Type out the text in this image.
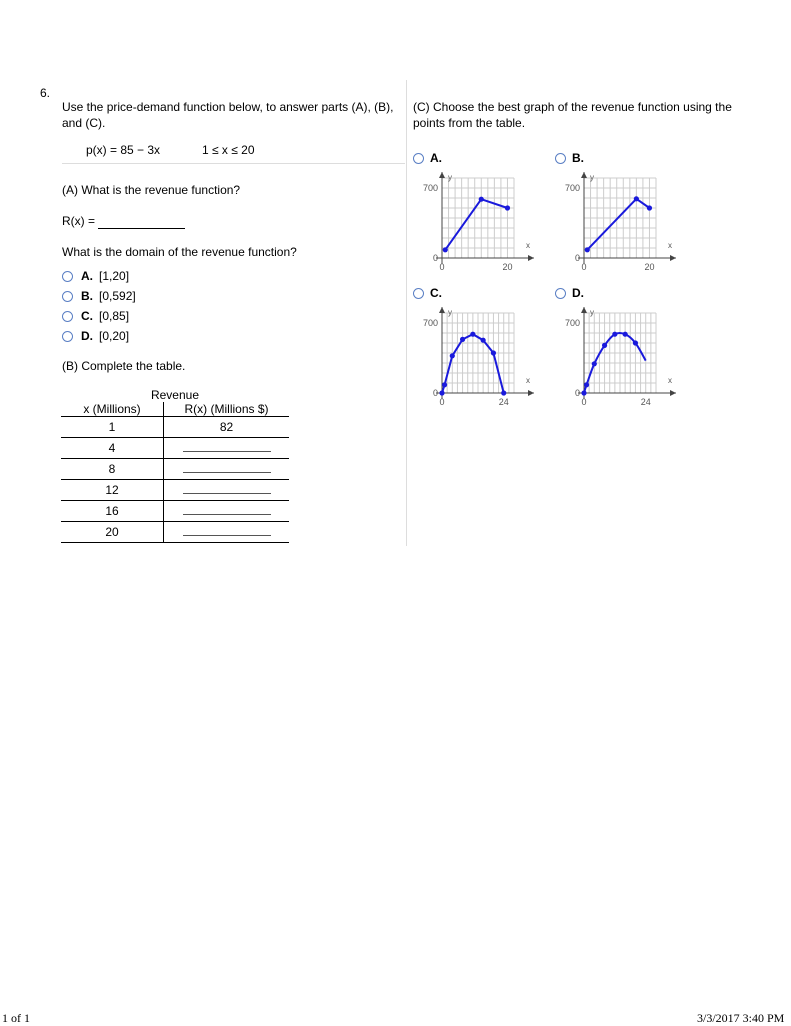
6.
Use the price-demand function below, to answer parts (A), (B), and (C).
p(x) = 85 − 3x	1 ≤ x ≤ 20
(A) What is the revenue function?
R(x) =
What is the domain of the revenue function?
A. [1,20]
B. [0,592]
C. [0,85]
D. [0,20]
(B) Complete the table.
Revenue	
x (Millions)	R(x) (Millions $)
1	82
4	
8	
12	
16	
20	
(C) Choose the best graph of the revenue function using the points from the table.
A.	B.
C.	D.
700
0
0	20
x
y
700
0
0	20
x
y
700
0
0	24
x
y
700
0
0	24
x
y
1 of 1	3/3/2017 3:40 PM
